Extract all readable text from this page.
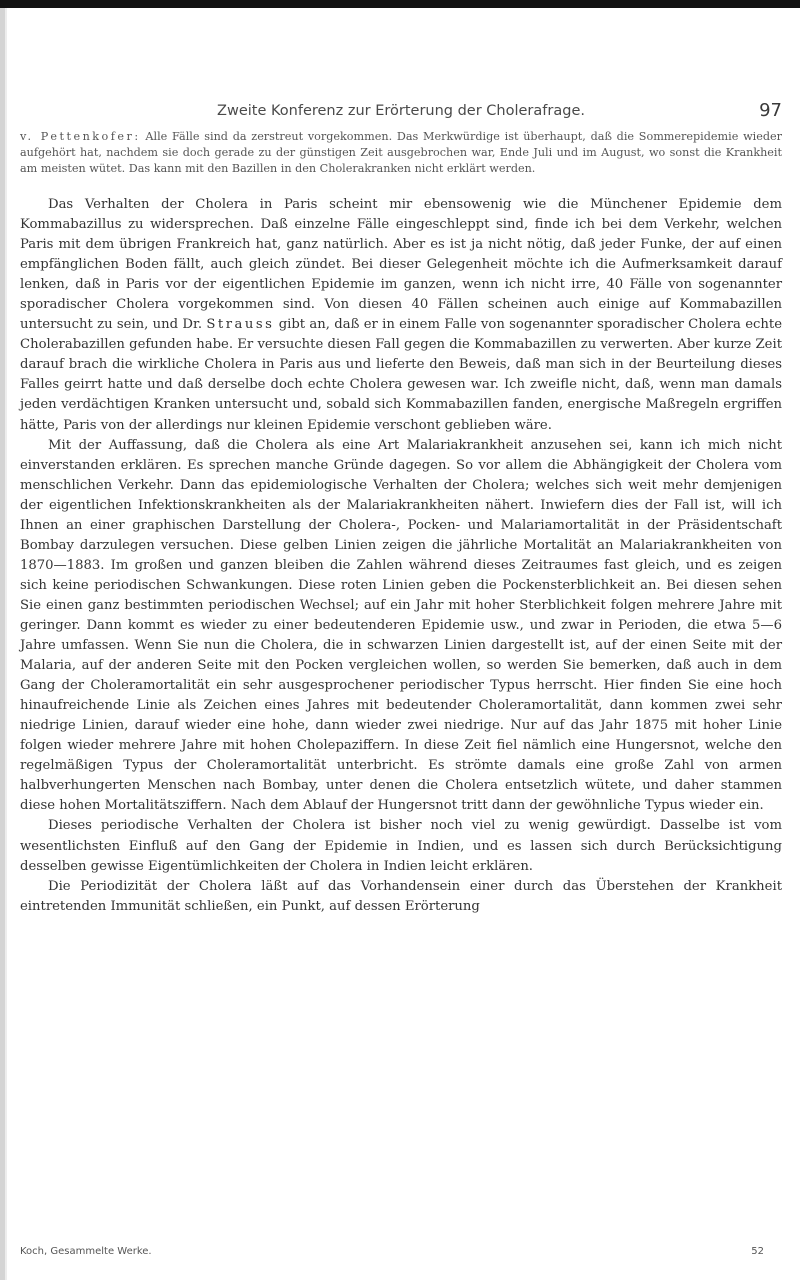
Zweite Konferenz zur Erörterung der Cholerafrage.	97
v. Pettenkofer: Alle Fälle sind da zerstreut vorgekommen. Das Merkwürdige ist überhaupt, daß die Sommerepidemie wieder aufgehört hat, nachdem sie doch gerade zu der günstigen Zeit ausgebrochen war, Ende Juli und im August, wo sonst die Krankheit am meisten wütet. Das kann mit den Bazillen in den Cholerakranken nicht erklärt werden.

Das Verhalten der Cholera in Paris scheint mir ebensowenig wie die Münchener Epidemie dem Kommabazillus zu widersprechen. Daß einzelne Fälle eingeschleppt sind, finde ich bei dem Verkehr, welchen Paris mit dem übrigen Frankreich hat, ganz natürlich. Aber es ist ja nicht nötig, daß jeder Funke, der auf einen empfänglichen Boden fällt, auch gleich zündet. Bei dieser Gelegenheit möchte ich die Aufmerksamkeit darauf lenken, daß in Paris vor der eigentlichen Epidemie im ganzen, wenn ich nicht irre, 40 Fälle von sogenannter sporadischer Cholera vorgekommen sind. Von diesen 40 Fällen scheinen auch einige auf Kommabazillen untersucht zu sein, und Dr. Strauss gibt an, daß er in einem Falle von sogenannter sporadischer Cholera echte Cholerabazillen gefunden habe. Er versuchte diesen Fall gegen die Kommabazillen zu verwerten. Aber kurze Zeit darauf brach die wirkliche Cholera in Paris aus und lieferte den Beweis, daß man sich in der Beurteilung dieses Falles geirrt hatte und daß derselbe doch echte Cholera gewesen war. Ich zweifle nicht, daß, wenn man damals jeden verdächtigen Kranken untersucht und, sobald sich Kommabazillen fanden, energische Maßregeln ergriffen hätte, Paris von der allerdings nur kleinen Epidemie verschont geblieben wäre.

Mit der Auffassung, daß die Cholera als eine Art Malariakrankheit anzusehen sei, kann ich mich nicht einverstanden erklären. Es sprechen manche Gründe dagegen. So vor allem die Abhängigkeit der Cholera vom menschlichen Verkehr. Dann das epidemiologische Verhalten der Cholera; welches sich weit mehr demjenigen der eigentlichen Infektionskrankheiten als der Malariakrankheiten nähert. Inwiefern dies der Fall ist, will ich Ihnen an einer graphischen Darstellung der Cholera-, Pocken- und Malariamortalität in der Präsidentschaft Bombay darzulegen versuchen. Diese gelben Linien zeigen die jährliche Mortalität an Malariakrankheiten von 1870—1883. Im großen und ganzen bleiben die Zahlen während dieses Zeitraumes fast gleich, und es zeigen sich keine periodischen Schwankungen. Diese roten Linien geben die Pockensterblichkeit an. Bei diesen sehen Sie einen ganz bestimmten periodischen Wechsel; auf ein Jahr mit hoher Sterblichkeit folgen mehrere Jahre mit geringer. Dann kommt es wieder zu einer bedeutenderen Epidemie usw., und zwar in Perioden, die etwa 5—6 Jahre umfassen. Wenn Sie nun die Cholera, die in schwarzen Linien dargestellt ist, auf der einen Seite mit der Malaria, auf der anderen Seite mit den Pocken vergleichen wollen, so werden Sie bemerken, daß auch in dem Gang der Choleramortalität ein sehr ausgesprochener periodischer Typus herrscht. Hier finden Sie eine hoch hinaufreichende Linie als Zeichen eines Jahres mit bedeutender Choleramortalität, dann kommen zwei sehr niedrige Linien, darauf wieder eine hohe, dann wieder zwei niedrige. Nur auf das Jahr 1875 mit hoher Linie folgen wieder mehrere Jahre mit hohen Cholераziffern. In diese Zeit fiel nämlich eine Hungersnot, welche den regelmäßigen Typus der Choleramortalität unterbricht. Es strömte damals eine große Zahl von armen halbverhungerten Menschen nach Bombay, unter denen die Cholera entsetzlich wütete, und daher stammen diese hohen Mortalitätsziffern. Nach dem Ablauf der Hungersnot tritt dann der gewöhnliche Typus wieder ein.

Dieses periodische Verhalten der Cholera ist bisher noch viel zu wenig gewürdigt. Dasselbe ist vom wesentlichsten Einfluß auf den Gang der Epidemie in Indien, und es lassen sich durch Berücksichtigung desselben gewisse Eigentümlichkeiten der Cholera in Indien leicht erklären.

Die Periodizität der Cholera läßt auf das Vorhandensein einer durch das Überstehen der Krankheit eintretenden Immunität schließen, ein Punkt, auf dessen Erörterung

Koch, Gesammelte Werke.	52
